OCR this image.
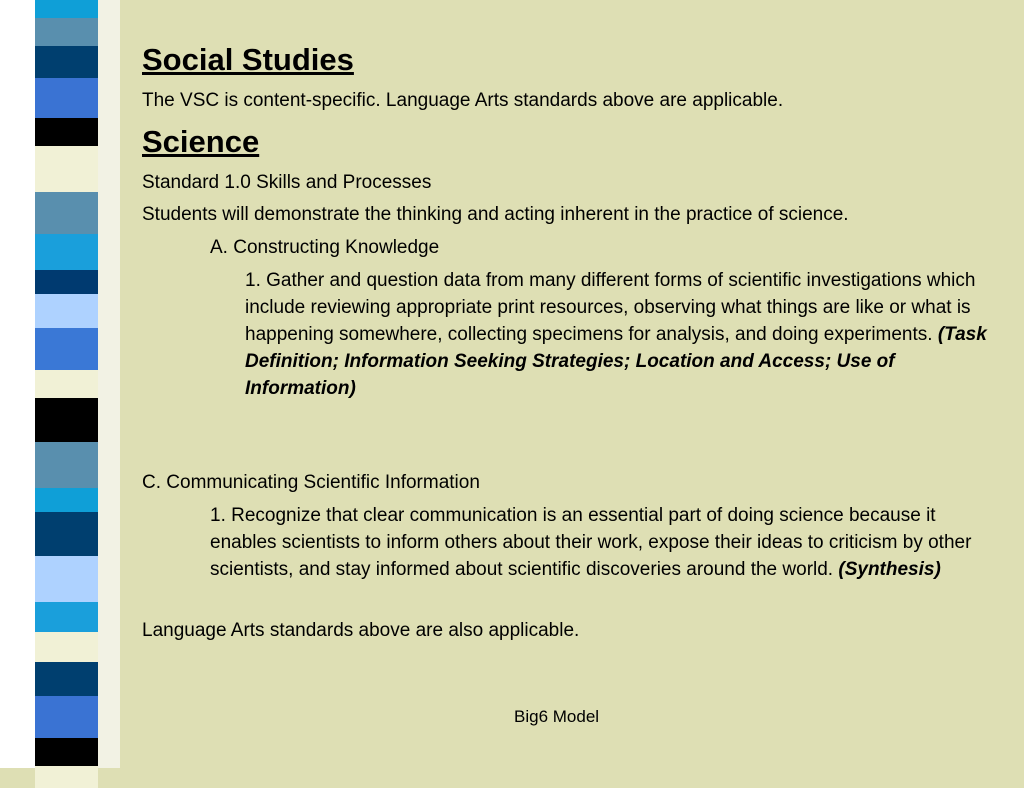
Social Studies
The VSC is content-specific. Language Arts standards above are applicable.
Science
Standard 1.0 Skills and Processes
Students will demonstrate the thinking and acting inherent in the practice of science.
A. Constructing Knowledge
1. Gather and question data from many different forms of scientific investigations which include reviewing appropriate print resources, observing what things are like or what is happening somewhere, collecting specimens for analysis, and doing experiments. (Task Definition; Information Seeking Strategies; Location and Access; Use of Information)
C. Communicating Scientific Information
1. Recognize that clear communication is an essential part of doing science because it enables scientists to inform others about their work, expose their ideas to criticism by other scientists, and stay informed about scientific discoveries around the world. (Synthesis)
Language Arts standards above are also applicable.
Big6 Model
